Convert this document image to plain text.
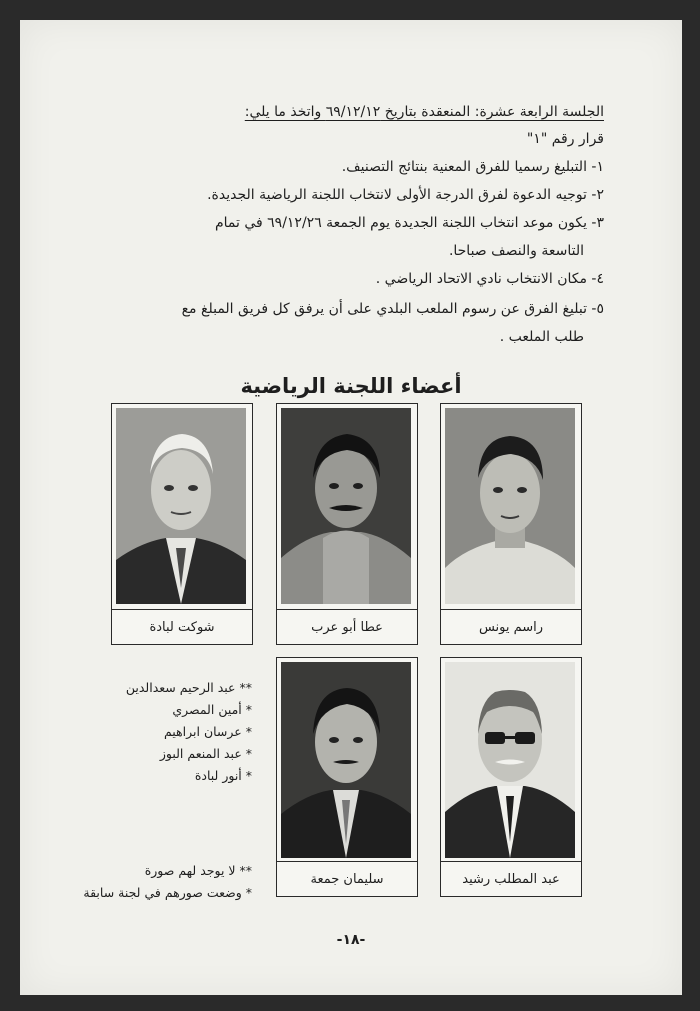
الجلسة الرابعة عشرة: المنعقدة بتاريخ ٦٩/١٢/١٢ واتخذ ما يلي:
قرار رقم "١"
١- التبليغ رسميا للفرق المعنية بنتائج التصنيف.
٢- توجيه الدعوة لفرق الدرجة الأولى لانتخاب اللجنة الرياضية الجديدة.
٣- يكون موعد انتخاب اللجنة الجديدة يوم الجمعة ٦٩/١٢/٢٦ في تمام
التاسعة والنصف صباحا.
٤- مكان الانتخاب نادي الاتحاد الرياضي .
٥- تبليغ الفرق عن رسوم الملعب البلدي على أن يرفق كل فريق المبلغ مع
طلب الملعب .
أعضاء اللجنة الرياضية
راسم يونس
عطا أبو عرب
شوكت لبادة
عبد المطلب رشيد
سليمان جمعة
** عبد الرحيم سعدالدين
* أمين المصري
* عرسان ابراهيم
* عبد المنعم البوز
* أنور لبادة
** لا يوجد لهم صورة
* وضعت صورهم في لجنة سابقة
-١٨-
